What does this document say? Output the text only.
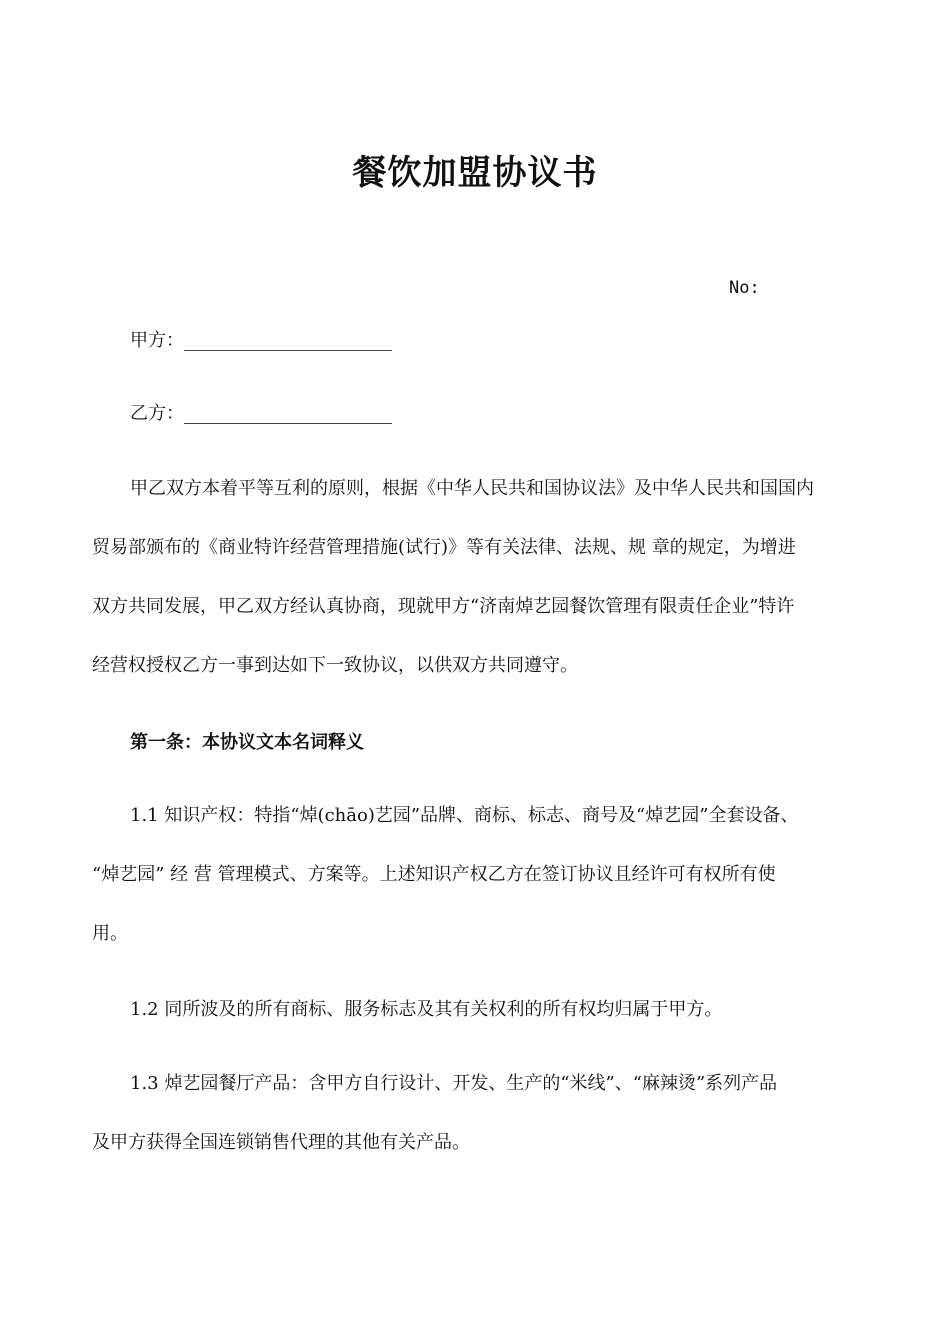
餐饮加盟协议书
No:
甲方：
乙方：
甲乙双方本着平等互利的原则，根据《中华人民共和国协议法》及中华人民共和国国内
贸易部颁布的《商业特许经营管理措施(试行)》等有关法律、法规、规 章的规定，为增进
双方共同发展，甲乙双方经认真协商，现就甲方“济南焯艺园餐饮管理有限责任企业”特许
经营权授权乙方一事到达如下一致协议，以供双方共同遵守。
第一条：本协议文本名词释义
1.1 知识产权：特指“焯(chāo)艺园”品牌、商标、标志、商号及“焯艺园”全套设备、
“焯艺园” 经 营 管理模式、方案等。上述知识产权乙方在签订协议且经许可有权所有使
用。
1.2 同所波及的所有商标、服务标志及其有关权利的所有权均归属于甲方。
1.3 焯艺园餐厅产品：含甲方自行设计、开发、生产的“米线”、“麻辣烫”系列产品
及甲方获得全国连锁销售代理的其他有关产品。
